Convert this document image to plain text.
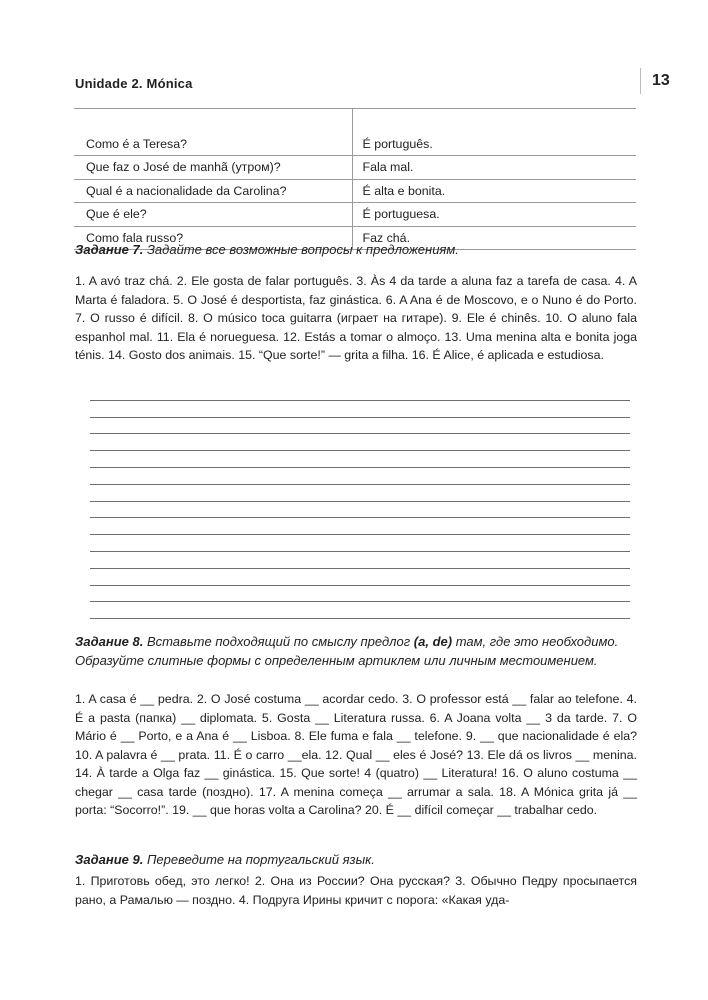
Unidade 2. Mónica	13

Como é a Teresa?	É português.
Que faz o José de manhã (утром)?	Fala mal.
Qual é a nacionalidade da Carolina?	É alta e bonita.
Que é ele?	É portuguesa.
Como fala russo?	Faz chá.
Задание 7. Задайте все возможные вопросы к предложениям.
1. A avó traz chá. 2. Ele gosta de falar português. 3. Às 4 da tarde a aluna faz a tarefa de casa. 4. A Marta é faladora. 5. O José é desportista, faz ginástica. 6. A Ana é de Moscovo, e o Nuno é do Porto. 7. O russo é difícil. 8. O músico toca guitarra (играет на гитаре). 9. Ele é chinês. 10. O aluno fala espanhol mal. 11. Ela é norueguesa. 12. Estás a tomar o almoço. 13. Uma menina alta e bonita joga ténis. 14. Gosto dos animais. 15. “Que sorte!” — grita a filha. 16. É Alice, é aplicada e estudiosa.
Задание 8. Вставьте подходящий по смыслу предлог (a, de) там, где это необходимо. Образуйте слитные формы с определенным артиклем или личным местоимением.
1. A casa é __ pedra. 2. O José costuma __ acordar cedo. 3. O professor está __ falar ao telefone. 4. É a pasta (папка) __ diplomata. 5. Gosta __ Literatura russa. 6. A Joana volta __ 3 da tarde. 7. O Mário é __ Porto, e a Ana é __ Lisboa. 8. Ele fuma e fala __ telefone. 9. __ que nacionalidade é ela? 10. A palavra é __ prata. 11. É o carro __ela. 12. Qual __ eles é José? 13. Ele dá os livros __ menina. 14. À tarde a Olga faz __ ginástica. 15. Que sorte! 4 (quatro) __ Literatura! 16. O aluno costuma __ chegar __ casa tarde (поздно). 17. A menina começa __ arrumar a sala. 18. A Mónica grita já __ porta: “Socorro!”. 19. __ que horas volta a Carolina? 20. É __ difícil começar __ trabalhar cedo.
Задание 9. Переведите на португальский язык.
1. Приготовь обед, это легко! 2. Она из России? Она русская? 3. Обычно Педру просыпается рано, а Рамалью — поздно. 4. Подруга Ирины кричит с порога: «Какая уда-
